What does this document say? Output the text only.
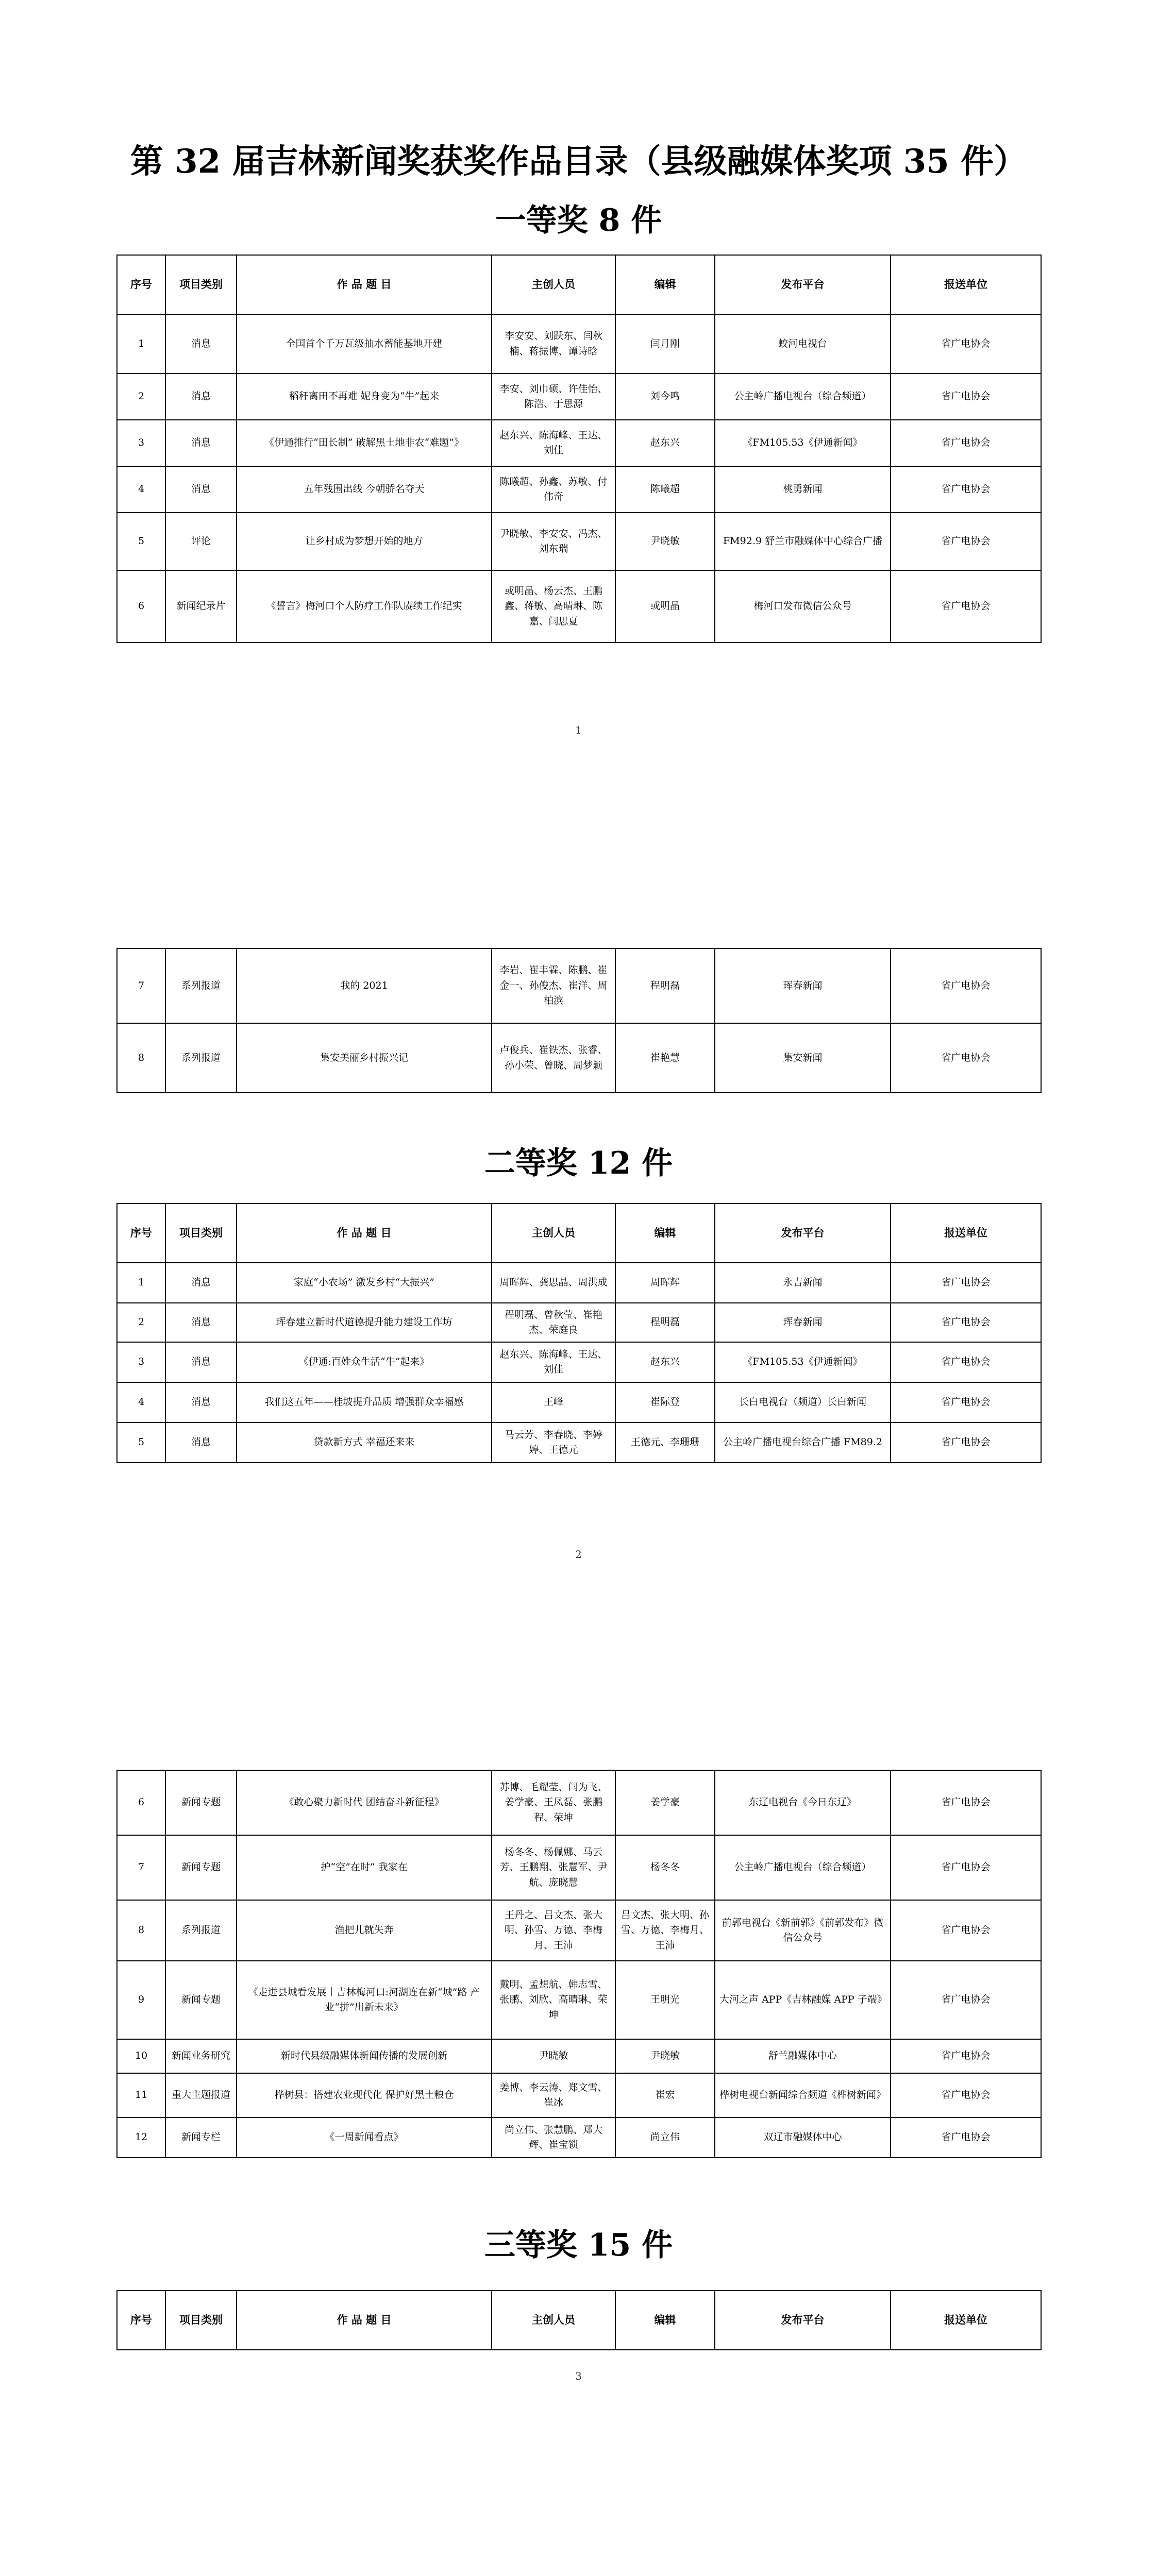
第 32 届吉林新闻奖获奖作品目录（县级融媒体奖项 35 件）
一等奖 8 件
序号	项目类别	作 品 题 目	主创人员	编辑	发布平台	报送单位
1	消息	全国首个千万瓦级抽水蓄能基地开建	李安安、刘跃东、闫秋楠、蒋振博、谭诗晗	闫月刚	蛟河电视台	省广电协会
2	消息	稻秆离田不再难 妮身变为“牛”起来	李安、刘巾硕、许佳怡、陈浩、于思源	刘今鸣	公主岭广播电视台（综合频道）	省广电协会
3	消息	《伊通推行“田长制” 破解黑土地非农“难题”》	赵东兴、陈海峰、王达、刘佳	赵东兴	《FM105.53《伊通新闻》	省广电协会
4	消息	五年残围出线 今朝骄名夺天	陈曦超、孙鑫、苏敏、付伟奇	陈曦超	桃勇新闻	省广电协会
5	评论	让乡村成为梦想开始的地方	尹晓敏、李安安、冯杰、刘东瑞	尹晓敏	FM92.9 舒兰市融媒体中心综合广播	省广电协会
6	新闻纪录片	《誓言》梅河口个人防疗工作队赓续工作纪实	或明晶、杨云杰、王鹏鑫、蒋敏、高晴琳、陈嘉、闫思夏	或明晶	梅河口发布微信公众号	省广电协会
1
7	系列报道	我的 2021	李岩、崔丰霖、陈鹏、崔金一、孙俊杰、崔洋、周柏滨	程明磊	珲春新闻	省广电协会
8	系列报道	集安美丽乡村振兴记	卢俊兵、崔铁杰、张睿、孙小荣、曾晓、周梦颖	崔艳慧	集安新闻	省广电协会
二等奖 12 件
序号	项目类别	作 品 题 目	主创人员	编辑	发布平台	报送单位
1	消息	家庭“小农场” 激发乡村“大振兴”	周晖辉、龚思晶、周洪成	周晖辉	永吉新闻	省广电协会
2	消息	珲春建立新时代道德提升能力建设工作坊	程明磊、曾秋莹、崔艳杰、荣庭良	程明磊	珲春新闻	省广电协会
3	消息	《伊通:百姓众生活“牛”起来》	赵东兴、陈海峰、王达、刘佳	赵东兴	《FM105.53《伊通新闻》	省广电协会
4	消息	我们这五年——桂坡提升品质 增强群众幸福感	王峰	崔际登	长白电视台（频道）长白新闻	省广电协会
5	消息	贷款新方式 幸福还来来	马云芳、李春晓、李婷婷、王德元	王德元、李珊珊	公主岭广播电视台综合广播 FM89.2	省广电协会
2
6	新闻专题	《敢心聚力新时代 团结奋斗新征程》	苏博、毛耀莹、闫为飞、姜学豪、王凤磊、张鹏程、荣坤	姜学豪	东辽电视台《今日东辽》	省广电协会
7	新闻专题	护“空”在时” 我家在	杨冬冬、杨佩娜、马云芳、王鹏翔、张慧军、尹航、庞晓慧	杨冬冬	公主岭广播电视台（综合频道）	省广电协会
8	系列报道	渔把儿就失奔	王丹之、吕文杰、张大明、孙雪、万德、李梅月、王沛	吕文杰、张大明、孙雪、万德、李梅月、王沛	前郭电视台《新前郭》《前郭发布》微信公众号	省广电协会
9	新闻专题	《走进县城看发展丨吉林梅河口:河湖连在新“城”路 产业“拼”出新未来》	戴明、孟想航、韩志雪、张鹏、刘欣、高晴琳、荣坤	王明光	大河之声 APP《吉林融媒 APP 子端》	省广电协会
10	新闻业务研究	新时代县级融媒体新闻传播的发展创新	尹晓敏	尹晓敏	舒兰融媒体中心	省广电协会
11	重大主题报道	桦树县：搭建农业现代化 保护好黑土粮仓	姜博、李云涛、郑文雪、崔冰	崔宏	桦树电视台新闻综合频道《桦树新闻》	省广电协会
12	新闻专栏	《一周新闻看点》	尚立伟、张慧鹏、郑大辉、崔宝锁	尚立伟	双辽市融媒体中心	省广电协会
三等奖 15 件
序号	项目类别	作 品 题 目	主创人员	编辑	发布平台	报送单位
3
